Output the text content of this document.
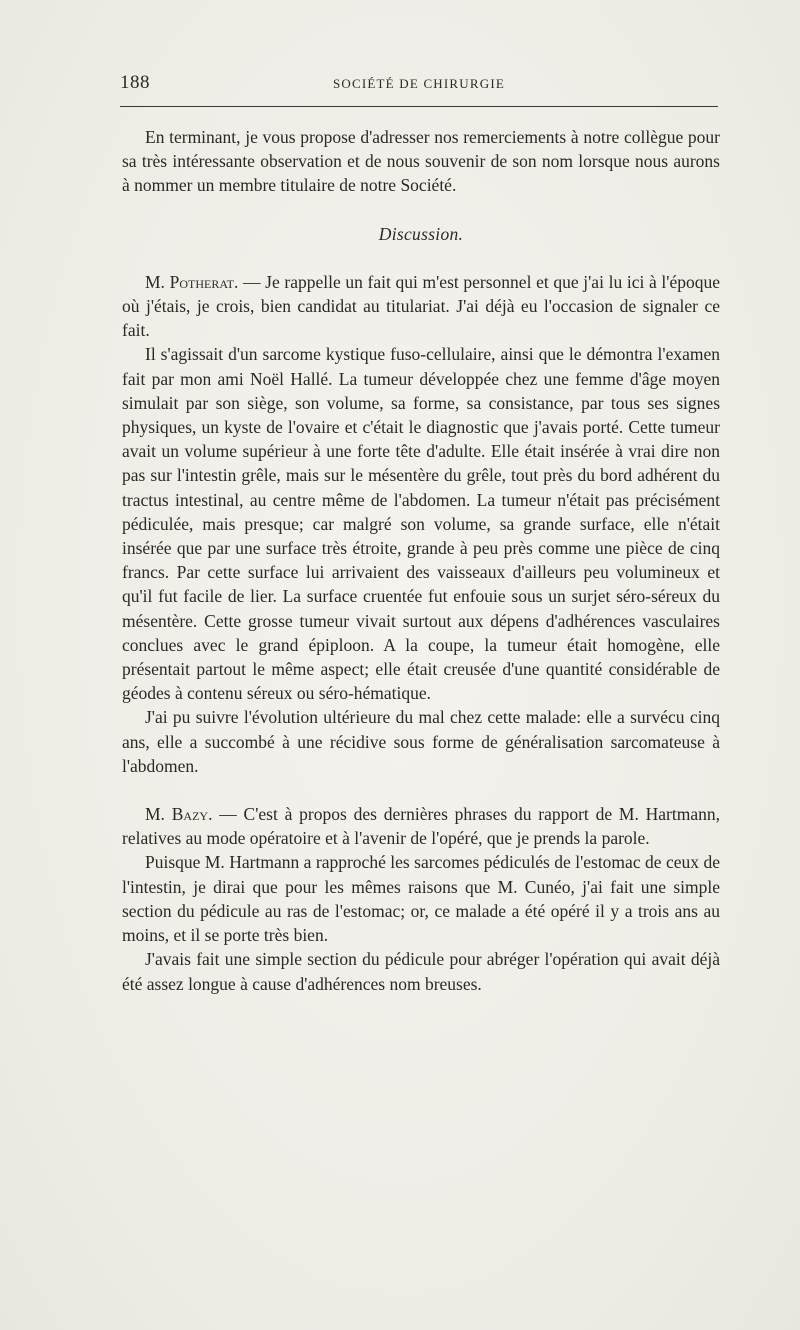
188	SOCIÉTÉ DE CHIRURGIE

En terminant, je vous propose d'adresser nos remerciements à notre collègue pour sa très intéressante observation et de nous souvenir de son nom lorsque nous aurons à nommer un membre titulaire de notre Société.

Discussion.

M. Potherat. — Je rappelle un fait qui m'est personnel et que j'ai lu ici à l'époque où j'étais, je crois, bien candidat au titulariat. J'ai déjà eu l'occasion de signaler ce fait.

Il s'agissait d'un sarcome kystique fuso-cellulaire, ainsi que le démontra l'examen fait par mon ami Noël Hallé. La tumeur développée chez une femme d'âge moyen simulait par son siège, son volume, sa forme, sa consistance, par tous ses signes physiques, un kyste de l'ovaire et c'était le diagnostic que j'avais porté. Cette tumeur avait un volume supérieur à une forte tête d'adulte. Elle était insérée à vrai dire non pas sur l'intestin grêle, mais sur le mésentère du grêle, tout près du bord adhérent du tractus intestinal, au centre même de l'abdomen. La tumeur n'était pas précisément pédiculée, mais presque; car malgré son volume, sa grande surface, elle n'était insérée que par une surface très étroite, grande à peu près comme une pièce de cinq francs. Par cette surface lui arrivaient des vaisseaux d'ailleurs peu volumineux et qu'il fut facile de lier. La surface cruentée fut enfouie sous un surjet séro-séreux du mésentère. Cette grosse tumeur vivait surtout aux dépens d'adhérences vasculaires conclues avec le grand épiploon. A la coupe, la tumeur était homogène, elle présentait partout le même aspect; elle était creusée d'une quantité considérable de géodes à contenu séreux ou séro-hématique.

J'ai pu suivre l'évolution ultérieure du mal chez cette malade: elle a survécu cinq ans, elle a succombé à une récidive sous forme de généralisation sarcomateuse à l'abdomen.

M. Bazy. — C'est à propos des dernières phrases du rapport de M. Hartmann, relatives au mode opératoire et à l'avenir de l'opéré, que je prends la parole.

Puisque M. Hartmann a rapproché les sarcomes pédiculés de l'estomac de ceux de l'intestin, je dirai que pour les mêmes raisons que M. Cunéo, j'ai fait une simple section du pédicule au ras de l'estomac; or, ce malade a été opéré il y a trois ans au moins, et il se porte très bien.

J'avais fait une simple section du pédicule pour abréger l'opération qui avait déjà été assez longue à cause d'adhérences nom breuses.
